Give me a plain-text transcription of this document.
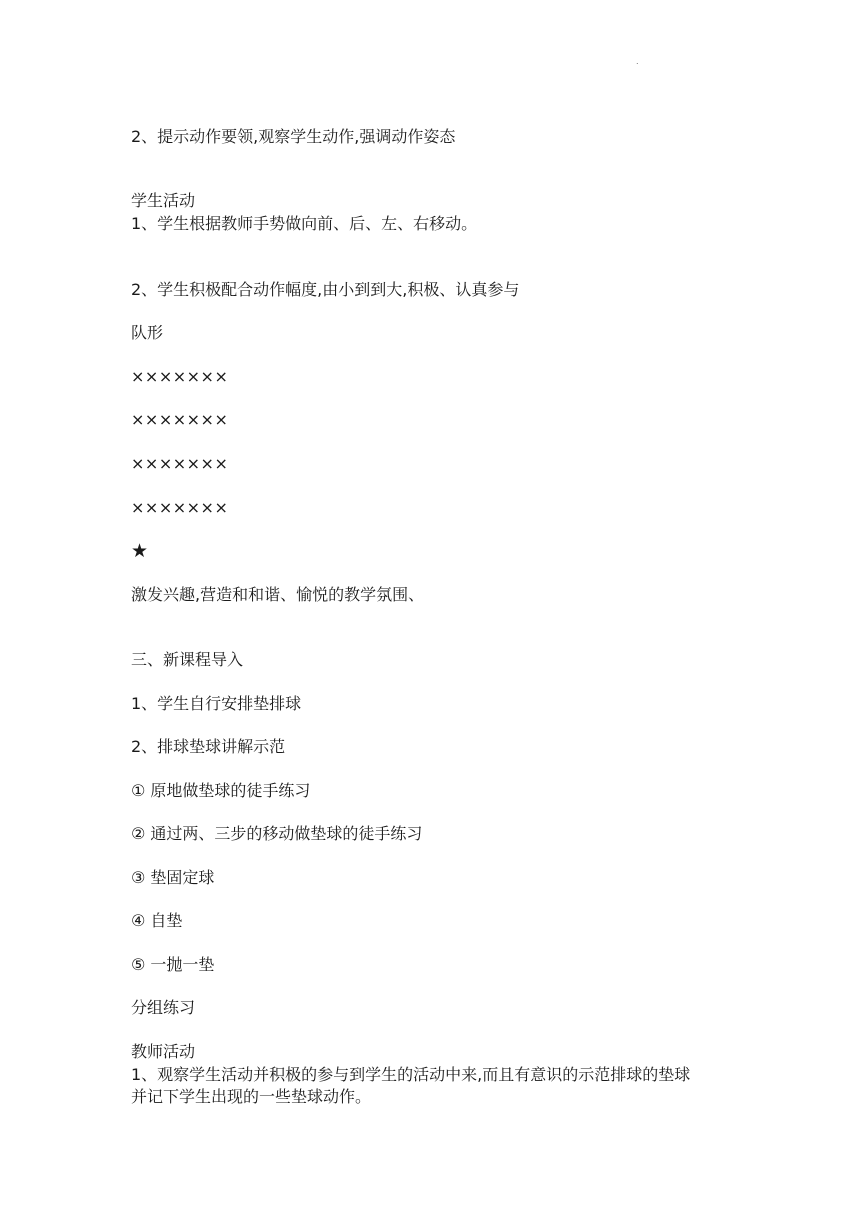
.
2、提示动作要领,观察学生动作,强调动作姿态
学生活动
1、学生根据教师手势做向前、后、左、右移动。
2、学生积极配合动作幅度,由小到到大,积极、认真参与
队形
×××××××
×××××××
×××××××
×××××××
★
激发兴趣,营造和和谐、愉悦的教学氛围、
三、新课程导入
1、学生自行安排垫排球
2、排球垫球讲解示范
① 原地做垫球的徒手练习
② 通过两、三步的移动做垫球的徒手练习
③ 垫固定球
④ 自垫
⑤ 一抛一垫
分组练习
教师活动
1、观察学生活动并积极的参与到学生的活动中来,而且有意识的示范排球的垫球
并记下学生出现的一些垫球动作。
